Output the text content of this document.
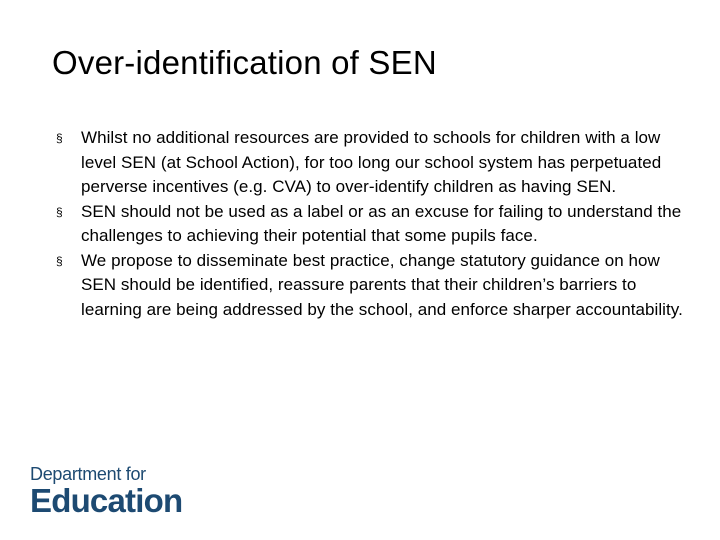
Over-identification of SEN
§ Whilst no additional resources are provided to schools for children with a low level SEN (at School Action), for too long our school system has perpetuated perverse incentives (e.g. CVA) to over-identify children as having SEN.
§ SEN should not be used as a label or as an excuse for failing to understand the challenges to achieving their potential that some pupils face.
§ We propose to disseminate best practice, change statutory guidance on how SEN should be identified, reassure parents that their children’s barriers to learning are being addressed by the school, and enforce sharper accountability.
Department for
Education
